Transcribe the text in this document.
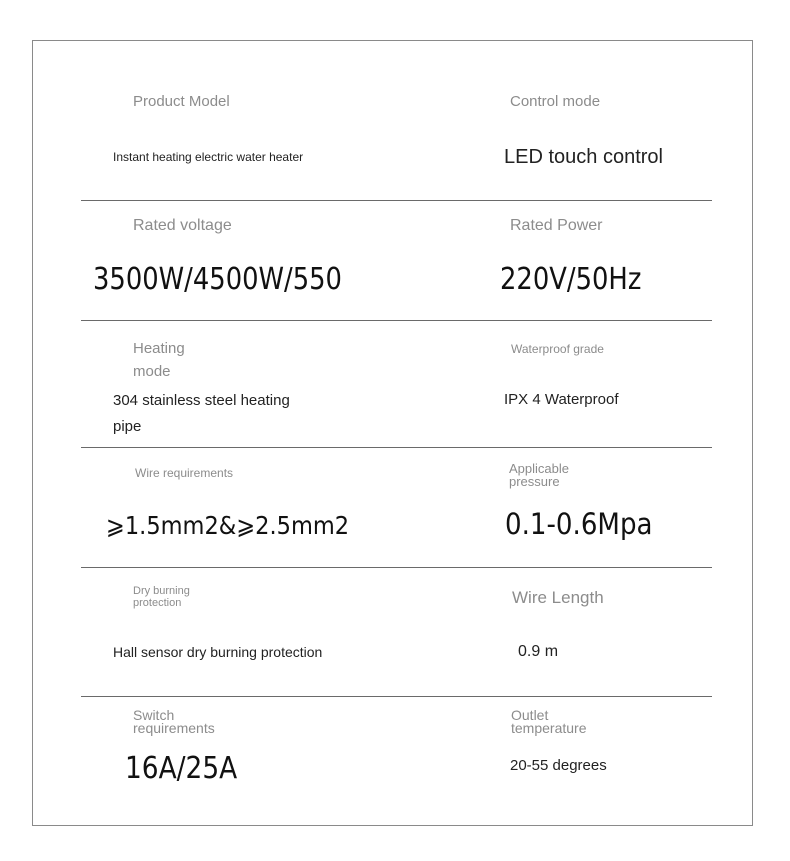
Product Model
Instant heating electric water heater
Control mode
LED touch control
Rated voltage
3500W/4500W/550
Rated Power
220V/50Hz
Heating
mode
304 stainless steel heating
pipe
Waterproof grade
IPX 4 Waterproof
Wire requirements
⩾1.5mm2&⩾2.5mm2
Applicable
pressure
0.1-0.6Mpa
Dry burning
protection
Hall sensor dry burning protection
Wire Length
0.9 m
Switch
requirements
16A/25A
Outlet
temperature
20-55 degrees
